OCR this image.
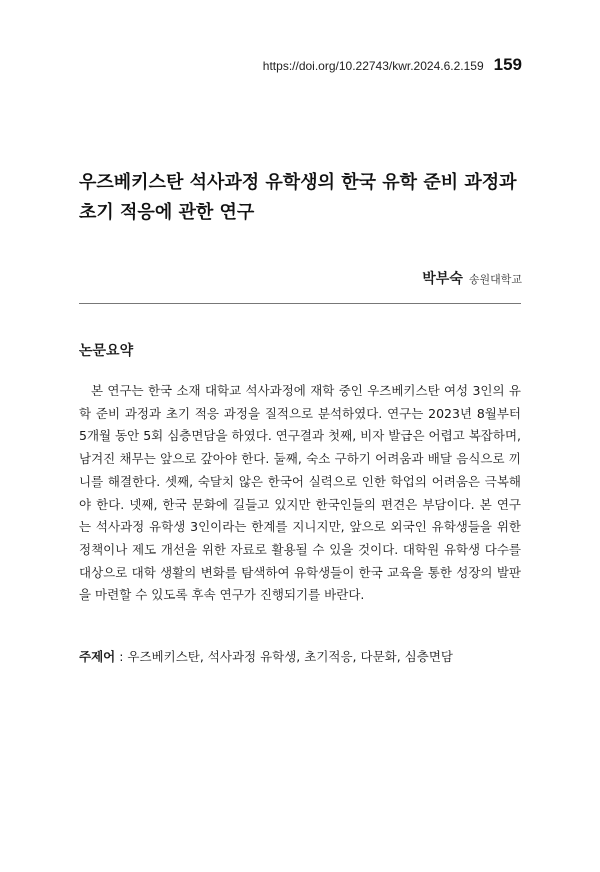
https://doi.org/10.22743/kwr.2024.6.2.159 159
우즈베키스탄 석사과정 유학생의 한국 유학 준비 과정과 초기 적응에 관한 연구
박부숙 송원대학교
논문요약

본 연구는 한국 소재 대학교 석사과정에 재학 중인 우즈베키스탄 여성 3인의 유학 준비 과정과 초기 적응 과정을 질적으로 분석하였다. 연구는 2023년 8월부터 5개월 동안 5회 심층면담을 하였다. 연구결과 첫째, 비자 발급은 어렵고 복잡하며, 남겨진 채무는 앞으로 갚아야 한다. 둘째, 숙소 구하기 어려움과 배달 음식으로 끼니를 해결한다. 셋째, 숙달치 않은 한국어 실력으로 인한 학업의 어려움은 극복해야 한다. 넷째, 한국 문화에 길들고 있지만 한국인들의 편견은 부담이다. 본 연구는 석사과정 유학생 3인이라는 한계를 지니지만, 앞으로 외국인 유학생들을 위한 정책이나 제도 개선을 위한 자료로 활용될 수 있을 것이다. 대학원 유학생 다수를 대상으로 대학 생활의 변화를 탐색하여 유학생들이 한국 교육을 통한 성장의 발판을 마련할 수 있도록 후속 연구가 진행되기를 바란다.

주제어 : 우즈베키스탄, 석사과정 유학생, 초기적응, 다문화, 심층면담
